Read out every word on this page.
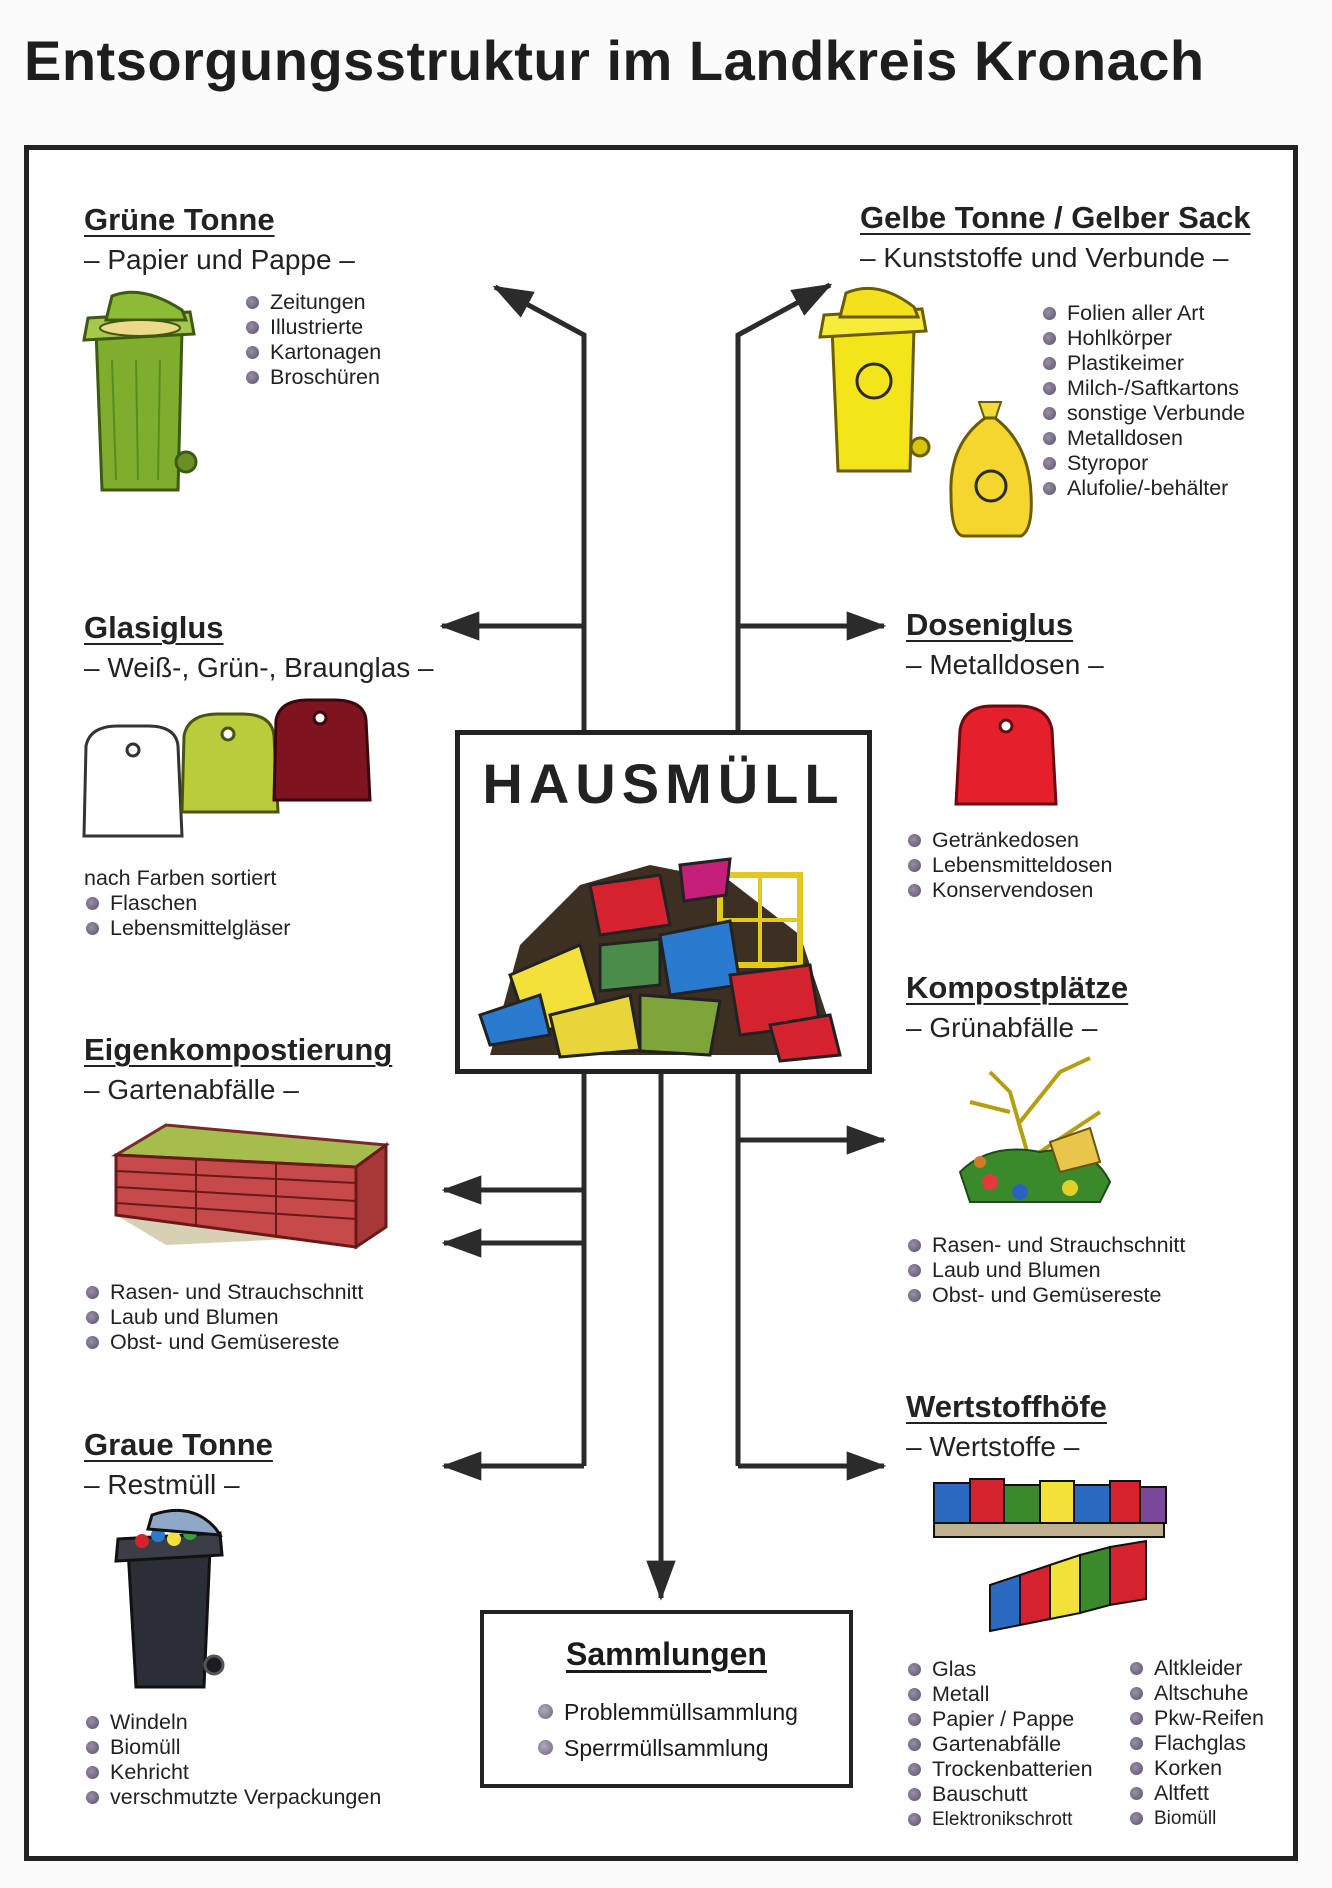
Entsorgungsstruktur im Landkreis Kronach
Grüne Tonne
– Papier und Pappe –
Zeitungen
Illustrierte
Kartonagen
Broschüren
Gelbe Tonne / Gelber Sack
– Kunststoffe und Verbunde –
Folien aller Art
Hohlkörper
Plastikeimer
Milch-/Saftkartons
sonstige Verbunde
Metalldosen
Styropor
Alufolie/-behälter
Glasiglus
– Weiß-, Grün-, Braunglas –
nach Farben sortiert
Flaschen
Lebensmittelgläser
Doseniglus
– Metalldosen –
Getränkedosen
Lebensmitteldosen
Konservendosen
HAUSMÜLL
Eigenkompostierung
– Gartenabfälle –
Rasen- und Strauchschnitt
Laub und Blumen
Obst- und Gemüsereste
Kompostplätze
– Grünabfälle –
Rasen- und Strauchschnitt
Laub und Blumen
Obst- und Gemüsereste
Graue Tonne
– Restmüll –
Windeln
Biomüll
Kehricht
verschmutzte Verpackungen
Wertstoffhöfe
– Wertstoffe –
Glas
Metall
Papier / Pappe
Gartenabfälle
Trockenbatterien
Bauschutt
Elektronikschrott
Altkleider
Altschuhe
Pkw-Reifen
Flachglas
Korken
Altfett
Biomüll
Sammlungen
Problemmüllsammlung
Sperrmüllsammlung
